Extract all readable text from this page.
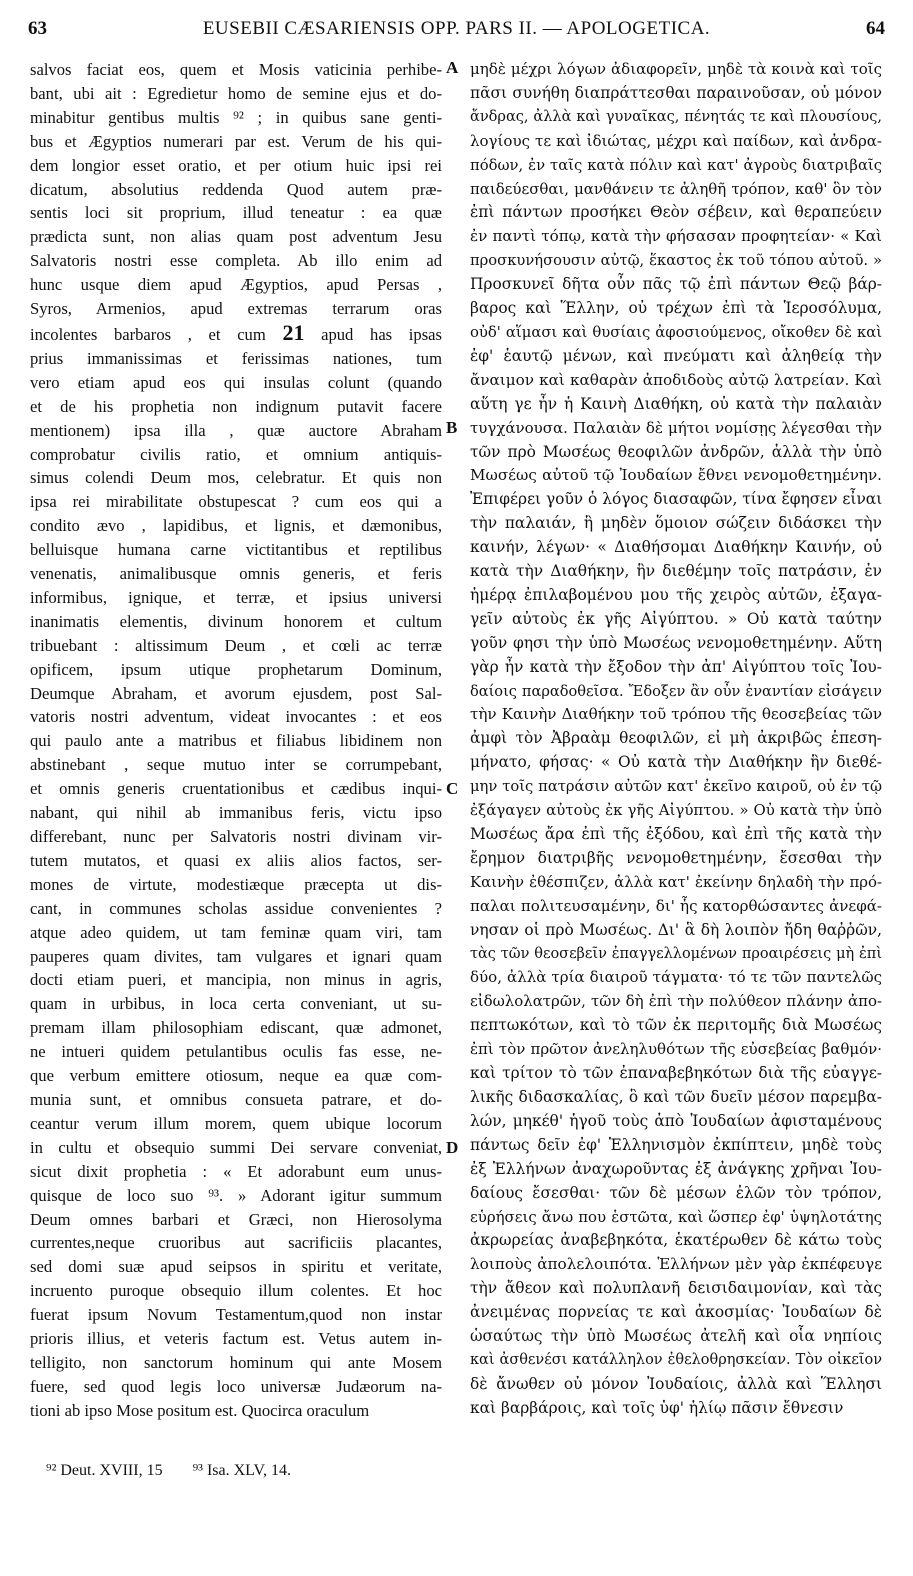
63	EUSEBII CÆSARIENSIS OPP. PARS II. — APOLOGETICA.	64
salvos faciat eos, quem et Mosis vaticinia perhibe-
bant, ubi ait : Egredietur homo de semine ejus et do-
minabitur gentibus multis ⁹² ; in quibus sane genti-
bus et Ægyptios numerari par est. Verum de his qui-
dem longior esset oratio, et per otium huic ipsi rei
dicatum, absolutius reddenda Quod autem præ-
sentis loci sit proprium, illud teneatur : ea quæ
prædicta sunt, non alias quam post adventum Jesu
Salvatoris nostri esse completa. Ab illo enim ad
hunc usque diem apud Ægyptios, apud Persas ,
Syros, Armenios, apud extremas terrarum oras
incolentes barbaros , et cum 21 apud has ipsas
prius immanissimas et ferissimas nationes, tum
vero etiam apud eos qui insulas colunt (quando
et de his prophetia non indignum putavit facere
mentionem) ipsa illa , quæ auctore Abraham
comprobatur civilis ratio, et omnium antiquis-
simus colendi Deum mos, celebratur. Et quis non
ipsa rei mirabilitate obstupescat ? cum eos qui a
condito ævo , lapidibus, et lignis, et dæmonibus,
belluisque humana carne victitantibus et reptilibus
venenatis, animalibusque omnis generis, et feris
informibus, ignique, et terræ, et ipsius universi
inanimatis elementis, divinum honorem et cultum
tribuebant : altissimum Deum , et cœli ac terræ
opificem, ipsum utique prophetarum Dominum,
Deumque Abraham, et avorum ejusdem, post Sal-
vatoris nostri adventum, videat invocantes : et eos
qui paulo ante a matribus et filiabus libidinem non
abstinebant , seque mutuo inter se corrumpebant,
et omnis generis cruentationibus et cædibus inqui-
nabant, qui nihil ab immanibus feris, victu ipso
differebant, nunc per Salvatoris nostri divinam vir-
tutem mutatos, et quasi ex aliis alios factos, ser-
mones de virtute, modestiæque præcepta ut dis-
cant, in communes scholas assidue convenientes ?
atque adeo quidem, ut tam feminæ quam viri, tam
pauperes quam divites, tam vulgares et ignari quam
docti etiam pueri, et mancipia, non minus in agris,
quam in urbibus, in loca certa conveniant, ut su-
premam illam philosophiam ediscant, quæ admonet,
ne intueri quidem petulantibus oculis fas esse, ne-
que verbum emittere otiosum, neque ea quæ com-
munia sunt, et omnibus consueta patrare, et do-
ceantur verum illum morem, quem ubique locorum
in cultu et obsequio summi Dei servare conveniat,
sicut dixit prophetia : « Et adorabunt eum unus-
quisque de loco suo ⁹³. » Adorant igitur summum
Deum omnes barbari et Græci, non Hierosolyma
currentes,neque cruoribus aut sacrificiis placantes,
sed domi suæ apud seipsos in spiritu et veritate,
incruento puroque obsequio illum colentes. Et hoc
fuerat ipsum Novum Testamentum,quod non instar
prioris illius, et veteris factum est. Vetus autem in-
telligito, non sanctorum hominum qui ante Mosem
fuere, sed quod legis loco universæ Judæorum na-
tioni ab ipso Mose positum est. Quocirca oraculum
μηδὲ μέχρι λόγων ἀδιαφορεῖν, μηδὲ τὰ κοινὰ καὶ τοῖς
πᾶσι συνήθη διαπράττεσθαι παραινοῦσαν, οὐ μόνον
ἄνδρας, ἀλλὰ καὶ γυναῖκας, πένητάς τε καὶ πλουσίους,
λογίους τε καὶ ἰδιώτας, μέχρι καὶ παίδων, καὶ ἀνδρα-
πόδων, ἐν ταῖς κατὰ πόλιν καὶ κατ' ἀγροὺς διατριβαῖς
παιδεύεσθαι, μανθάνειν τε ἀληθῆ τρόπον, καθ' ὃν τὸν
ἐπὶ πάντων προσήκει Θεὸν σέβειν, καὶ θεραπεύειν
ἐν παντὶ τόπῳ, κατὰ τὴν φήσασαν προφητείαν· « Καὶ
προσκυνήσουσιν αὐτῷ, ἕκαστος ἐκ τοῦ τόπου αὐτοῦ. »
Προσκυνεῖ δῆτα οὖν πᾶς τῷ ἐπὶ πάντων Θεῷ βάρ-
βαρος καὶ Ἕλλην, οὐ τρέχων ἐπὶ τὰ Ἱεροσόλυμα,
οὐδ' αἵμασι καὶ θυσίαις ἀφοσιούμενος, οἴκοθεν δὲ καὶ
ἐφ' ἑαυτῷ μένων, καὶ πνεύματι καὶ ἀληθείᾳ τὴν
ἄναιμον καὶ καθαρὰν ἀποδιδοὺς αὐτῷ λατρείαν. Καὶ
αὕτη γε ἦν ἡ Καινὴ Διαθήκη, οὐ κατὰ τὴν παλαιὰν
τυγχάνουσα. Παλαιὰν δὲ μήτοι νομίσῃς λέγεσθαι τὴν
τῶν πρὸ Μωσέως θεοφιλῶν ἀνδρῶν, ἀλλὰ τὴν ὑπὸ
Μωσέως αὐτοῦ τῷ Ἰουδαίων ἔθνει νενομοθετημένην.
Ἐπιφέρει γοῦν ὁ λόγος διασαφῶν, τίνα ἔφησεν εἶναι
τὴν παλαιάν, ἣ μηδὲν ὅμοιον σώζειν διδάσκει τὴν
καινήν, λέγων· « Διαθήσομαι Διαθήκην Καινήν, οὐ
κατὰ τὴν Διαθήκην, ἣν διεθέμην τοῖς πατράσιν, ἐν
ἡμέρᾳ ἐπιλαβομένου μου τῆς χειρὸς αὐτῶν, ἐξαγα-
γεῖν αὐτοὺς ἐκ γῆς Αἰγύπτου. » Οὐ κατὰ ταύτην
γοῦν φησι τὴν ὑπὸ Μωσέως νενομοθετημένην. Αὕτη
γὰρ ἦν κατὰ τὴν ἔξοδον τὴν ἀπ' Αἰγύπτου τοῖς Ἰου-
δαίοις παραδοθεῖσα. Ἔδοξεν ἂν οὖν ἐναντίαν εἰσάγειν
τὴν Καινὴν Διαθήκην τοῦ τρόπου τῆς θεοσεβείας τῶν
ἀμφὶ τὸν Ἀβραὰμ θεοφιλῶν, εἰ μὴ ἀκριβῶς ἐπεση-
μήνατο, φήσας· « Οὐ κατὰ τὴν Διαθήκην ἣν διεθέ-
μην τοῖς πατράσιν αὐτῶν κατ' ἐκεῖνο καιροῦ, οὐ ἐν τῷ
ἐξάγαγεν αὐτοὺς ἐκ γῆς Αἰγύπτου. » Οὐ κατὰ τὴν ὑπὸ
Μωσέως ἄρα ἐπὶ τῆς ἐξόδου, καὶ ἐπὶ τῆς κατὰ τὴν
ἔρημον διατριβῆς νενομοθετημένην, ἔσεσθαι τὴν
Καινὴν ἐθέσπιζεν, ἀλλὰ κατ' ἐκείνην δηλαδὴ τὴν πρό-
παλαι πολιτευσαμένην, δι' ἧς κατορθώσαντες ἀνεφά-
νησαν οἱ πρὸ Μωσέως. Δι' ἃ δὴ λοιπὸν ἤδη θαῤῥῶν,
τὰς τῶν θεοσεβεῖν ἐπαγγελλομένων προαιρέσεις μὴ ἐπὶ
δύο, ἀλλὰ τρία διαιροῦ τάγματα· τό τε τῶν παντελῶς
εἰδωλολατρῶν, τῶν δὴ ἐπὶ τὴν πολύθεον πλάνην ἀπο-
πεπτωκότων, καὶ τὸ τῶν ἐκ περιτομῆς διὰ Μωσέως
ἐπὶ τὸν πρῶτον ἀνεληλυθότων τῆς εὐσεβείας βαθμόν·
καὶ τρίτον τὸ τῶν ἐπαναβεβηκότων διὰ τῆς εὐαγγε-
λικῆς διδασκαλίας, ὃ καὶ τῶν δυεῖν μέσον παρεμβα-
λών, μηκέθ' ἡγοῦ τοὺς ἀπὸ Ἰουδαίων ἀφισταμένους
πάντως δεῖν ἐφ' Ἑλληνισμὸν ἐκπίπτειν, μηδὲ τοὺς
ἐξ Ἑλλήνων ἀναχωροῦντας ἐξ ἀνάγκης χρῆναι Ἰου-
δαίους ἔσεσθαι· τῶν δὲ μέσων ἐλῶν τὸν τρόπον,
εὑρήσεις ἄνω που ἑστῶτα, καὶ ὥσπερ ἐφ' ὑψηλοτάτης
ἀκρωρείας ἀναβεβηκότα, ἑκατέρωθεν δὲ κάτω τοὺς
λοιποὺς ἀπολελοιπότα. Ἑλλήνων μὲν γὰρ ἐκπέφευγε
τὴν ἄθεον καὶ πολυπλανῆ δεισιδαιμονίαν, καὶ τὰς
ἀνειμένας πορνείας τε καὶ ἀκοσμίας· Ἰουδαίων δὲ
ὡσαύτως τὴν ὑπὸ Μωσέως ἀτελῆ καὶ οἷα νηπίοις
καὶ ἀσθενέσι κατάλληλον ἐθελοθρησκείαν. Τὸν οἰκεῖον
δὲ ἄνωθεν οὐ μόνον Ἰουδαίοις, ἀλλὰ καὶ Ἕλλησι
καὶ βαρβάροις, καὶ τοῖς ὑφ' ἡλίῳ πᾶσιν ἔθνεσιν
A
B
C
D
⁹² Deut. XVIII, 15 ⁹³ Isa. XLV, 14.
